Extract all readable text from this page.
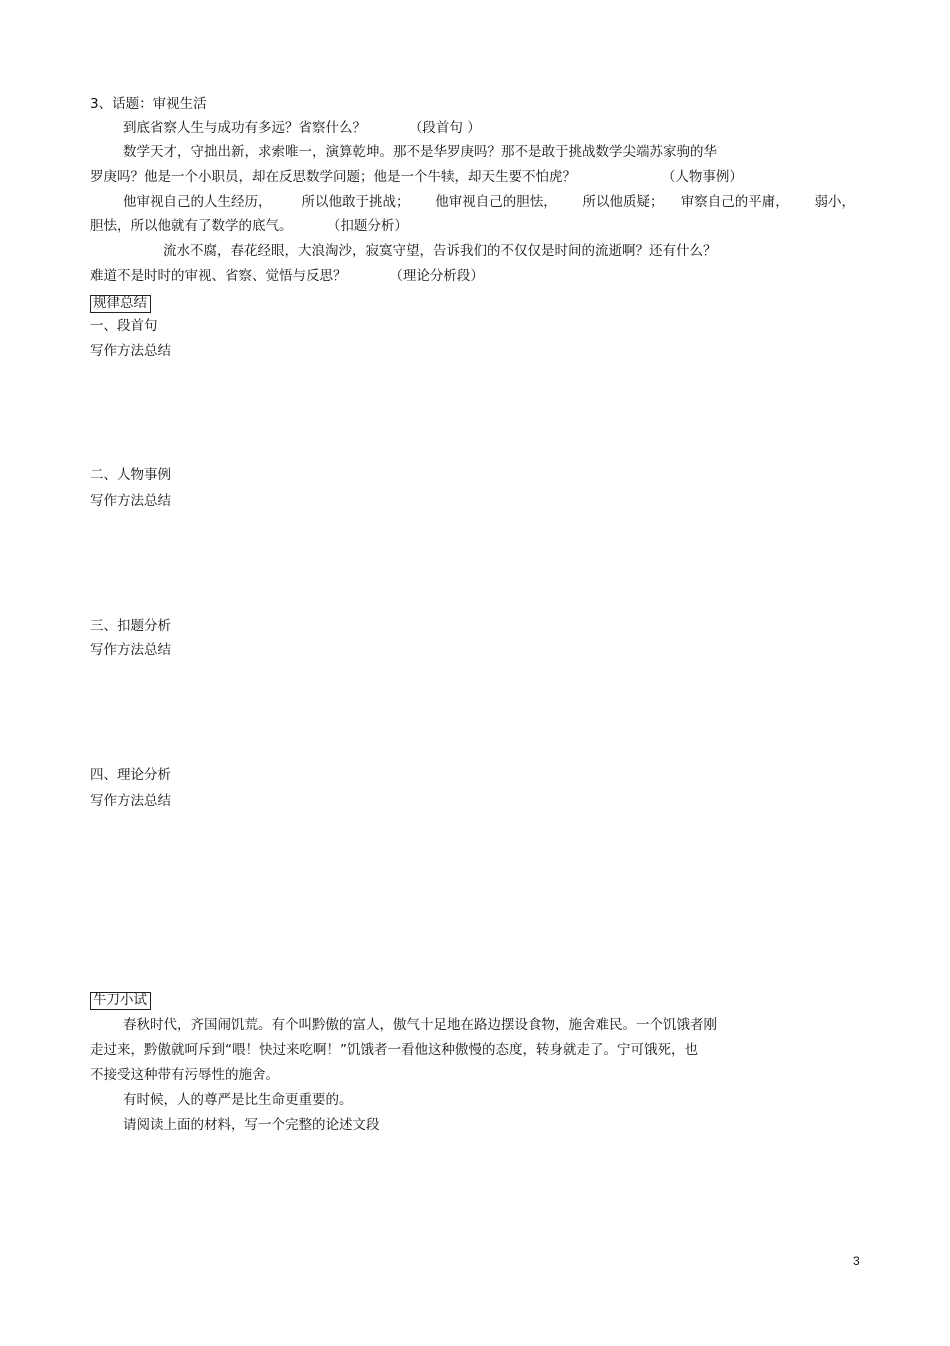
3、话题：审视生活
到底省察人生与成功有多远？省察什么？          （段首句 ）
数学天才，守拙出新，求索唯一，演算乾坤。那不是华罗庚吗？那不是敢于挑战数学尖端苏家驹的华
罗庚吗？他是一个小职员，却在反思数学问题；他是一个牛犊，却天生要不怕虎？                    （人物事例）
他审视自己的人生经历，       所以他敢于挑战；      他审视自己的胆怯，      所以他质疑；    审察自己的平庸，      弱小，
胆怯，所以他就有了数学的底气。        （扣题分析）
流水不腐，春花经眼，大浪淘沙，寂寞守望，告诉我们的不仅仅是时间的流逝啊？还有什么？
难道不是时时的审视、省察、觉悟与反思？          （理论分析段）
规律总结
一、段首句
写作方法总结
二、人物事例
写作方法总结
三、扣题分析
写作方法总结
四、理论分析
写作方法总结
牛刀小试
春秋时代，齐国闹饥荒。有个叫黔傲的富人，傲气十足地在路边摆设食物，施舍难民。一个饥饿者刚
走过来，黔傲就呵斥到“喂！快过来吃啊！”饥饿者一看他这种傲慢的态度，转身就走了。宁可饿死，也
不接受这种带有污辱性的施舍。
有时候，人的尊严是比生命更重要的。
请阅读上面的材料，写一个完整的论述文段
3
